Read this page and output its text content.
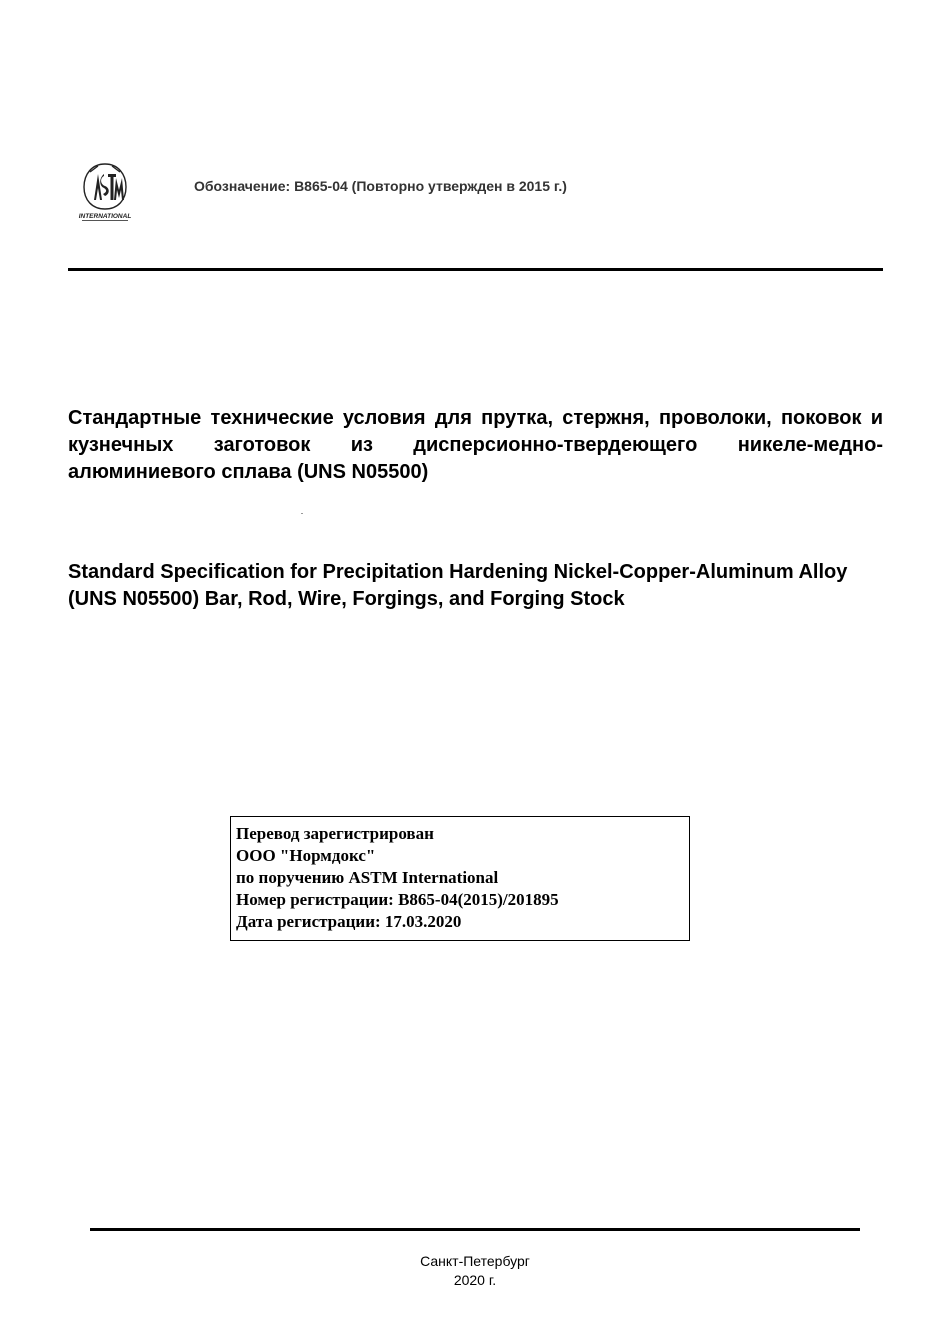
INTERNATIONAL
Обозначение: B865-04 (Повторно утвержден в 2015 г.)
Стандартные технические условия для прутка, стержня, проволоки, поковок и кузнечных заготовок из дисперсионно-твердеющего никеле-медно-алюминиевого сплава (UNS N05500)
Standard Specification for Precipitation Hardening Nickel-Copper-Aluminum Alloy (UNS N05500) Bar, Rod, Wire, Forgings, and Forging Stock
Перевод зарегистрирован
ООО "Нормдокс"
по поручению ASTM International
Номер регистрации: B865-04(2015)/201895
Дата регистрации: 17.03.2020
Санкт-Петербург
2020 г.
